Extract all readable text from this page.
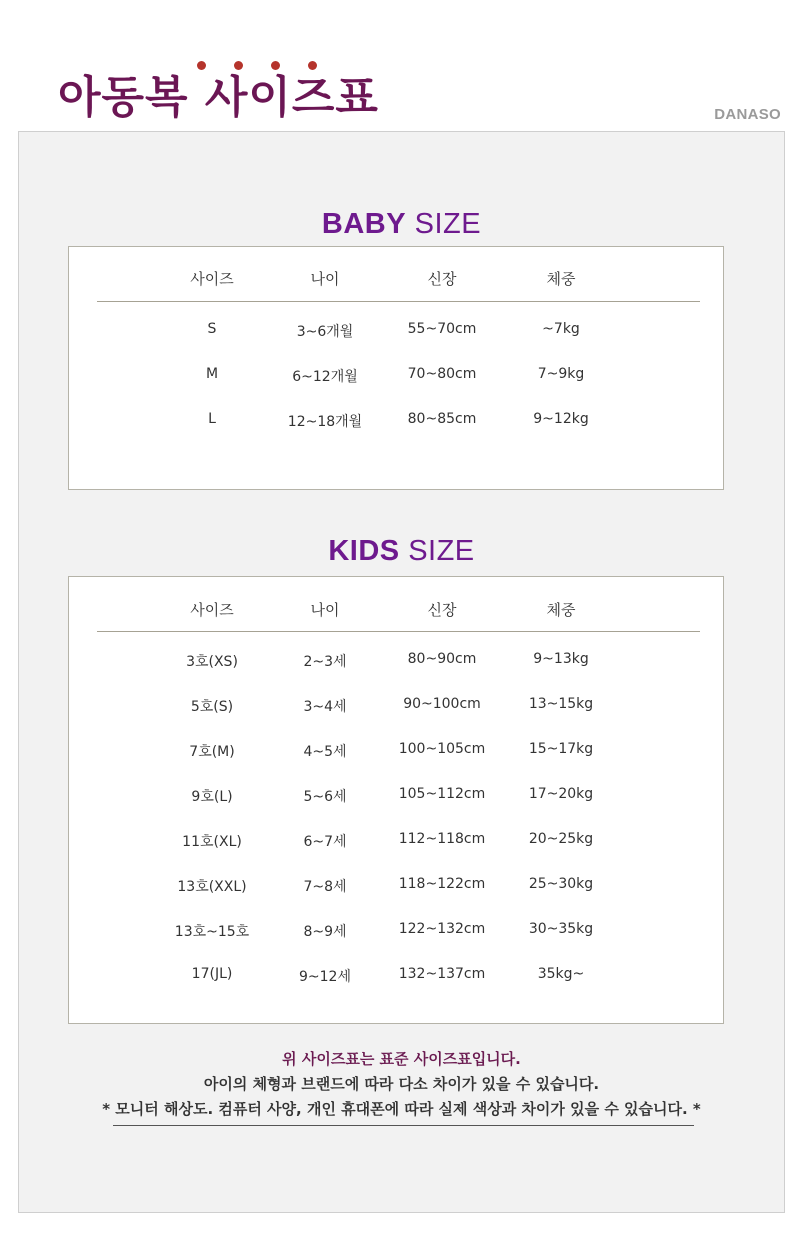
아동복 사이즈표	DANASO
BABY SIZE
사이즈	나이	신장	체중
S	3~6개월	55~70cm	~7kg
M	6~12개월	70~80cm	7~9kg
L	12~18개월	80~85cm	9~12kg
KIDS SIZE
사이즈	나이	신장	체중
3호(XS)	2~3세	80~90cm	9~13kg
5호(S)	3~4세	90~100cm	13~15kg
7호(M)	4~5세	100~105cm	15~17kg
9호(L)	5~6세	105~112cm	17~20kg
11호(XL)	6~7세	112~118cm	20~25kg
13호(XXL)	7~8세	118~122cm	25~30kg
13호~15호	8~9세	122~132cm	30~35kg
17(JL)	9~12세	132~137cm	35kg~
위 사이즈표는 표준 사이즈표입니다.
아이의 체형과 브랜드에 따라 다소 차이가 있을 수 있습니다.
* 모니터 해상도. 컴퓨터 사양, 개인 휴대폰에 따라 실제 색상과 차이가 있을 수 있습니다. *
